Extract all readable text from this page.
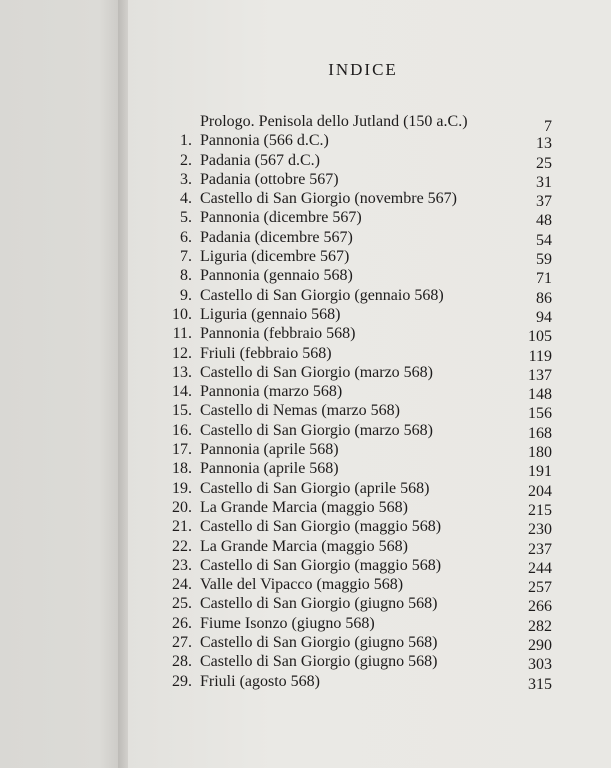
INDICE
Prologo. Penisola dello Jutland (150 a.C.)	7
1. Pannonia (566 d.C.)	13
2. Padania (567 d.C.)	25
3. Padania (ottobre 567)	31
4. Castello di San Giorgio (novembre 567)	37
5. Pannonia (dicembre 567)	48
6. Padania (dicembre 567)	54
7. Liguria (dicembre 567)	59
8. Pannonia (gennaio 568)	71
9. Castello di San Giorgio (gennaio 568)	86
10. Liguria (gennaio 568)	94
11. Pannonia (febbraio 568)	105
12. Friuli (febbraio 568)	119
13. Castello di San Giorgio (marzo 568)	137
14. Pannonia (marzo 568)	148
15. Castello di Nemas (marzo 568)	156
16. Castello di San Giorgio (marzo 568)	168
17. Pannonia (aprile 568)	180
18. Pannonia (aprile 568)	191
19. Castello di San Giorgio (aprile 568)	204
20. La Grande Marcia (maggio 568)	215
21. Castello di San Giorgio (maggio 568)	230
22. La Grande Marcia (maggio 568)	237
23. Castello di San Giorgio (maggio 568)	244
24. Valle del Vipacco (maggio 568)	257
25. Castello di San Giorgio (giugno 568)	266
26. Fiume Isonzo (giugno 568)	282
27. Castello di San Giorgio (giugno 568)	290
28. Castello di San Giorgio (giugno 568)	303
29. Friuli (agosto 568)	315
